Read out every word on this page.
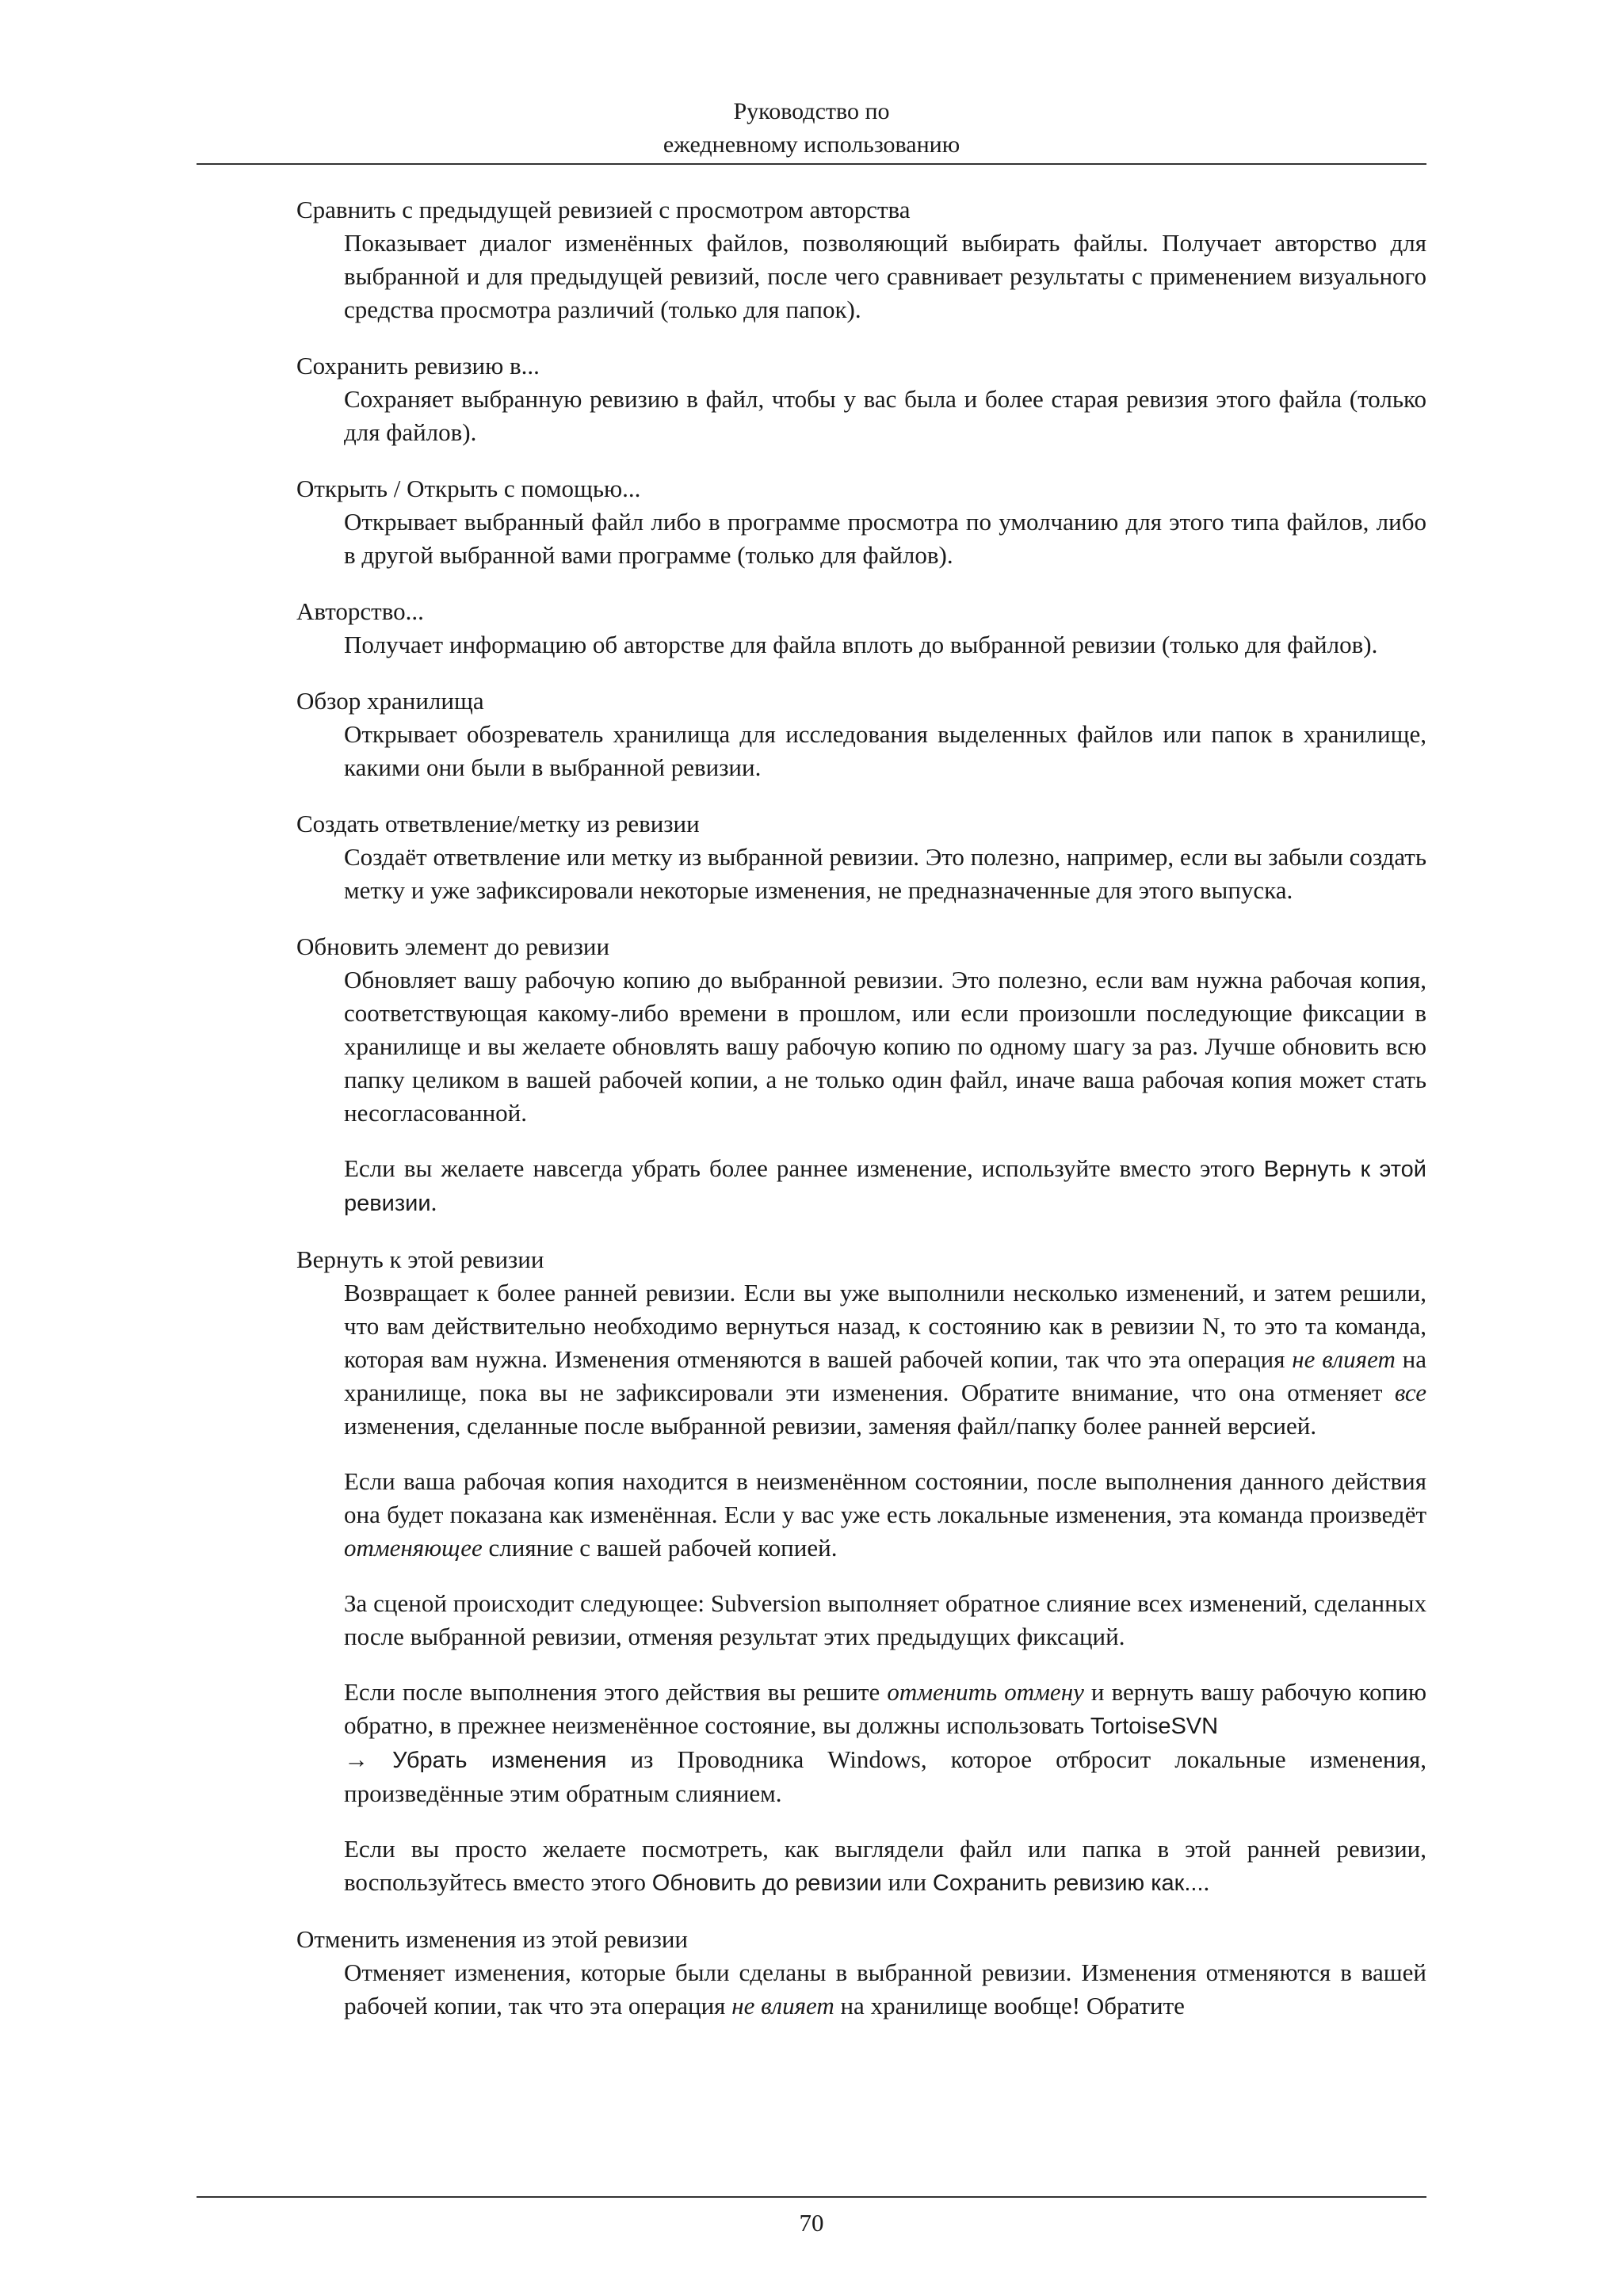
Руководство по
ежедневному использованию
Сравнить с предыдущей ревизией с просмотром авторства

Показывает диалог изменённых файлов, позволяющий выбирать файлы. Получает авторство для выбранной и для предыдущей ревизий, после чего сравнивает результаты с применением визуального средства просмотра различий (только для папок).

Сохранить ревизию в...

Сохраняет выбранную ревизию в файл, чтобы у вас была и более старая ревизия этого файла (только для файлов).

Открыть / Открыть с помощью...

Открывает выбранный файл либо в программе просмотра по умолчанию для этого типа файлов, либо в другой выбранной вами программе (только для файлов).

Авторство...

Получает информацию об авторстве для файла вплоть до выбранной ревизии (только для файлов).

Обзор хранилища

Открывает обозреватель хранилища для исследования выделенных файлов или папок в хранилище, какими они были в выбранной ревизии.

Создать ответвление/метку из ревизии

Создаёт ответвление или метку из выбранной ревизии. Это полезно, например, если вы забыли создать метку и уже зафиксировали некоторые изменения, не предназначенные для этого выпуска.

Обновить элемент до ревизии

Обновляет вашу рабочую копию до выбранной ревизии. Это полезно, если вам нужна рабочая копия, соответствующая какому-либо времени в прошлом, или если произошли последующие фиксации в хранилище и вы желаете обновлять вашу рабочую копию по одному шагу за раз. Лучше обновить всю папку целиком в вашей рабочей копии, а не только один файл, иначе ваша рабочая копия может стать несогласованной.

Если вы желаете навсегда убрать более раннее изменение, используйте вместо этого Вернуть к этой ревизии.

Вернуть к этой ревизии

Возвращает к более ранней ревизии. Если вы уже выполнили несколько изменений, и затем решили, что вам действительно необходимо вернуться назад, к состоянию как в ревизии N, то это та команда, которая вам нужна. Изменения отменяются в вашей рабочей копии, так что эта операция не влияет на хранилище, пока вы не зафиксировали эти изменения. Обратите внимание, что она отменяет все изменения, сделанные после выбранной ревизии, заменяя файл/папку более ранней версией.

Если ваша рабочая копия находится в неизменённом состоянии, после выполнения данного действия она будет показана как изменённая. Если у вас уже есть локальные изменения, эта команда произведёт отменяющее слияние с вашей рабочей копией.

За сценой происходит следующее: Subversion выполняет обратное слияние всех изменений, сделанных после выбранной ревизии, отменяя результат этих предыдущих фиксаций.

Если после выполнения этого действия вы решите отменить отмену и вернуть вашу рабочую копию обратно, в прежнее неизменённое состояние, вы должны использовать TortoiseSVN
→ Убрать изменения из Проводника Windows, которое отбросит локальные изменения, произведённые этим обратным слиянием.

Если вы просто желаете посмотреть, как выглядели файл или папка в этой ранней ревизии, воспользуйтесь вместо этого Обновить до ревизии или Сохранить ревизию как....

Отменить изменения из этой ревизии

Отменяет изменения, которые были сделаны в выбранной ревизии. Изменения отменяются в вашей рабочей копии, так что эта операция не влияет на хранилище вообще! Обратите

70
